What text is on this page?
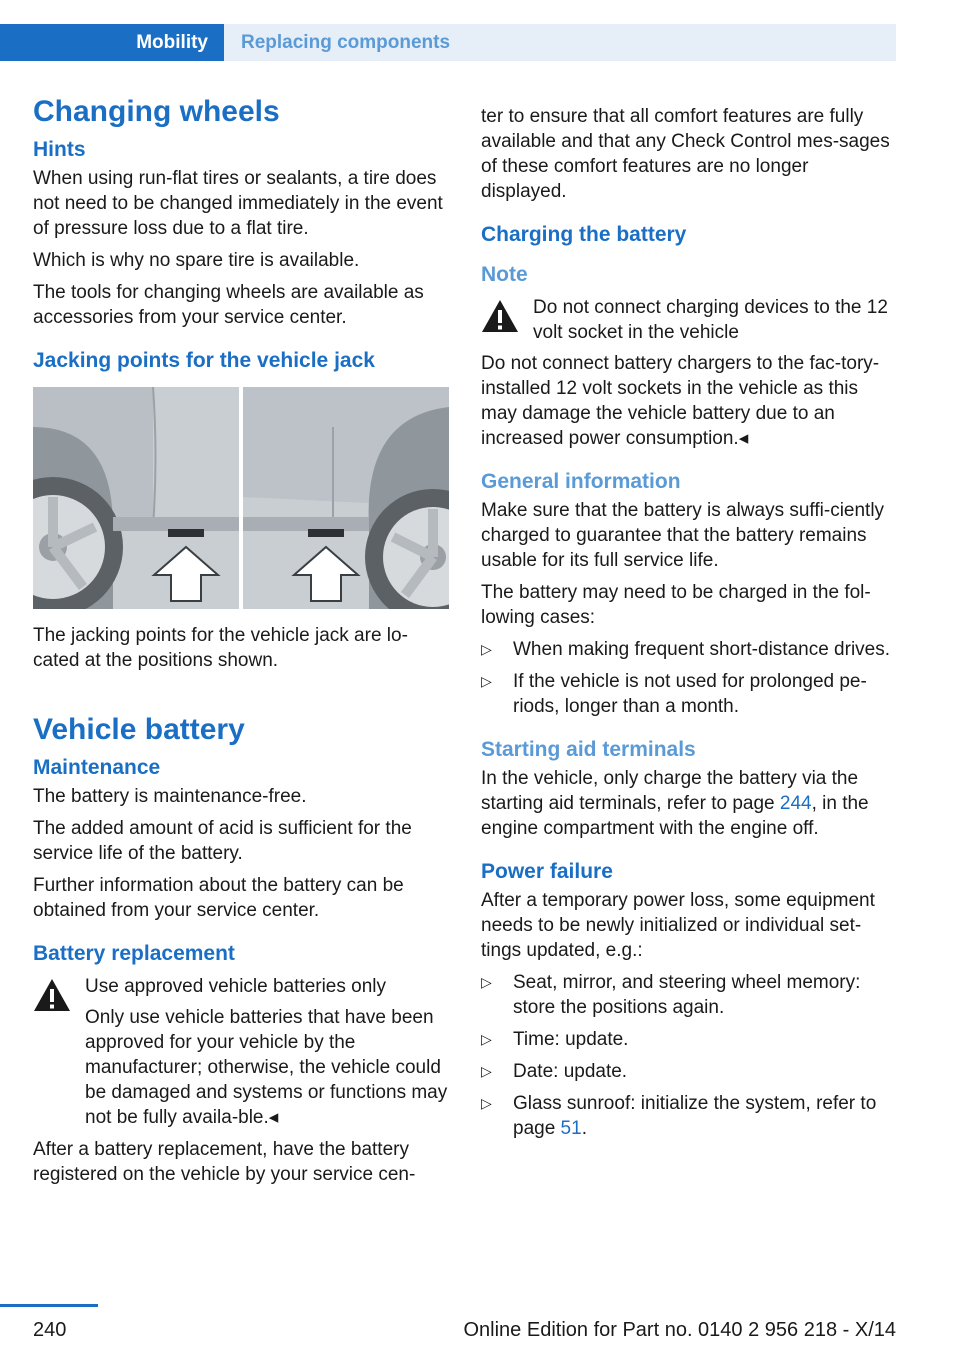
Mobility	Replacing components
Changing wheels
Hints

When using run-flat tires or sealants, a tire does not need to be changed immediately in the event of pressure loss due to a flat tire.

Which is why no spare tire is available.

The tools for changing wheels are available as accessories from your service center.

Jacking points for the vehicle jack

The jacking points for the vehicle jack are lo-cated at the positions shown.

Vehicle battery
Maintenance

The battery is maintenance-free.

The added amount of acid is sufficient for the service life of the battery.

Further information about the battery can be obtained from your service center.

Battery replacement
Use approved vehicle batteries only
Only use vehicle batteries that have been approved for your vehicle by the manufacturer; otherwise, the vehicle could be damaged and systems or functions may not be fully availa-ble.◂

After a battery replacement, have the battery registered on the vehicle by your service cen-

ter to ensure that all comfort features are fully available and that any Check Control mes-sages of these comfort features are no longer displayed.

Charging the battery
Note
Do not connect charging devices to the 12 volt socket in the vehicle

Do not connect battery chargers to the fac-tory-installed 12 volt sockets in the vehicle as this may damage the vehicle battery due to an increased power consumption.◂

General information

Make sure that the battery is always suffi-ciently charged to guarantee that the battery remains usable for its full service life.

The battery may need to be charged in the fol-lowing cases:

▷ When making frequent short-distance drives.
▷ If the vehicle is not used for prolonged pe-riods, longer than a month.
Starting aid terminals

In the vehicle, only charge the battery via the starting aid terminals, refer to page 244, in the engine compartment with the engine off.

Power failure

After a temporary power loss, some equipment needs to be newly initialized or individual set-tings updated, e.g.:

▷ Seat, mirror, and steering wheel memory: store the positions again.
▷ Time: update.
▷ Date: update.
▷ Glass sunroof: initialize the system, refer to page 51.
240	Online Edition for Part no. 0140 2 956 218 - X/14
